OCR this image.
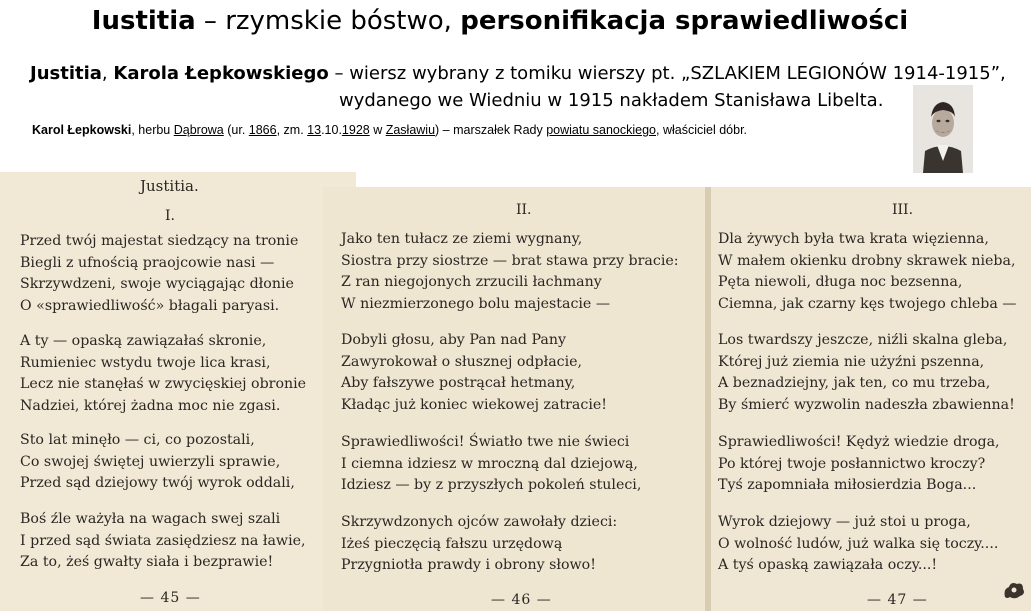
Iustitia – rzymskie bóstwo, personifikacja sprawiedliwości
Justitia, Karola Łepkowskiego – wiersz wybrany z tomiku wierszy pt. „SZLAKIEM LEGIONÓW 1914-1915”,
wydanego we Wiedniu w 1915 nakładem Stanisława Libelta.
Karol Łepkowski, herbu Dąbrowa (ur. 1866, zm. 13.10.1928 w Zasławiu) – marszałek Rady powiatu sanockiego, właściciel dóbr.
Justitia.
I.
Przed twój majestat siedzący na tronie
Biegli z ufnością praojcowie nasi —
Skrzywdzeni, swoje wyciągając dłonie
O «sprawiedliwość» błagali paryasi.
A ty — opaską zawiązałaś skronie,
Rumieniec wstydu twoje lica krasi,
Lecz nie stanęłaś w zwycięskiej obronie
Nadziei, której żadna moc nie zgasi.
Sto lat minęło — ci, co pozostali,
Co swojej świętej uwierzyli sprawie,
Przed sąd dziejowy twój wyrok oddali,
Boś źle ważyła na wagach swej szali
I przed sąd świata zasiędziesz na ławie,
Za to, żeś gwałty siała i bezprawie!
— 45 —
II.
Jako ten tułacz ze ziemi wygnany,
Siostra przy siostrze — brat stawa przy bracie:
Z ran niegojonych zrzucili łachmany
W niezmierzonego bolu majestacie —
Dobyli głosu, aby Pan nad Pany
Zawyrokował o słusznej odpłacie,
Aby fałszywe postrącał hetmany,
Kładąc już koniec wiekowej zatracie!
Sprawiedliwości! Światło twe nie świeci
I ciemna idziesz w mroczną dal dziejową,
Idziesz — by z przyszłych pokoleń stuleci,
Skrzywdzonych ojców zawołały dzieci:
Iżeś pieczęcią fałszu urzędową
Przygniotła prawdy i obrony słowo!
— 46 —
III.
Dla żywych była twa krata więzienna,
W małem okienku drobny skrawek nieba,
Pęta niewoli, długa noc bezsenna,
Ciemna, jak czarny kęs twojego chleba —
Los twardszy jeszcze, niźli skalna gleba,
Której już ziemia nie użyźni pszenna,
A beznadziejny, jak ten, co mu trzeba,
By śmierć wyzwolin nadeszła zbawienna!
Sprawiedliwości! Kędyż wiedzie droga,
Po której twoje posłannictwo kroczy?
Tyś zapomniała miłosierdzia Boga...
Wyrok dziejowy — już stoi u proga,
O wolność ludów, już walka się toczy....
A tyś opaską zawiązała oczy...!
— 47 —
